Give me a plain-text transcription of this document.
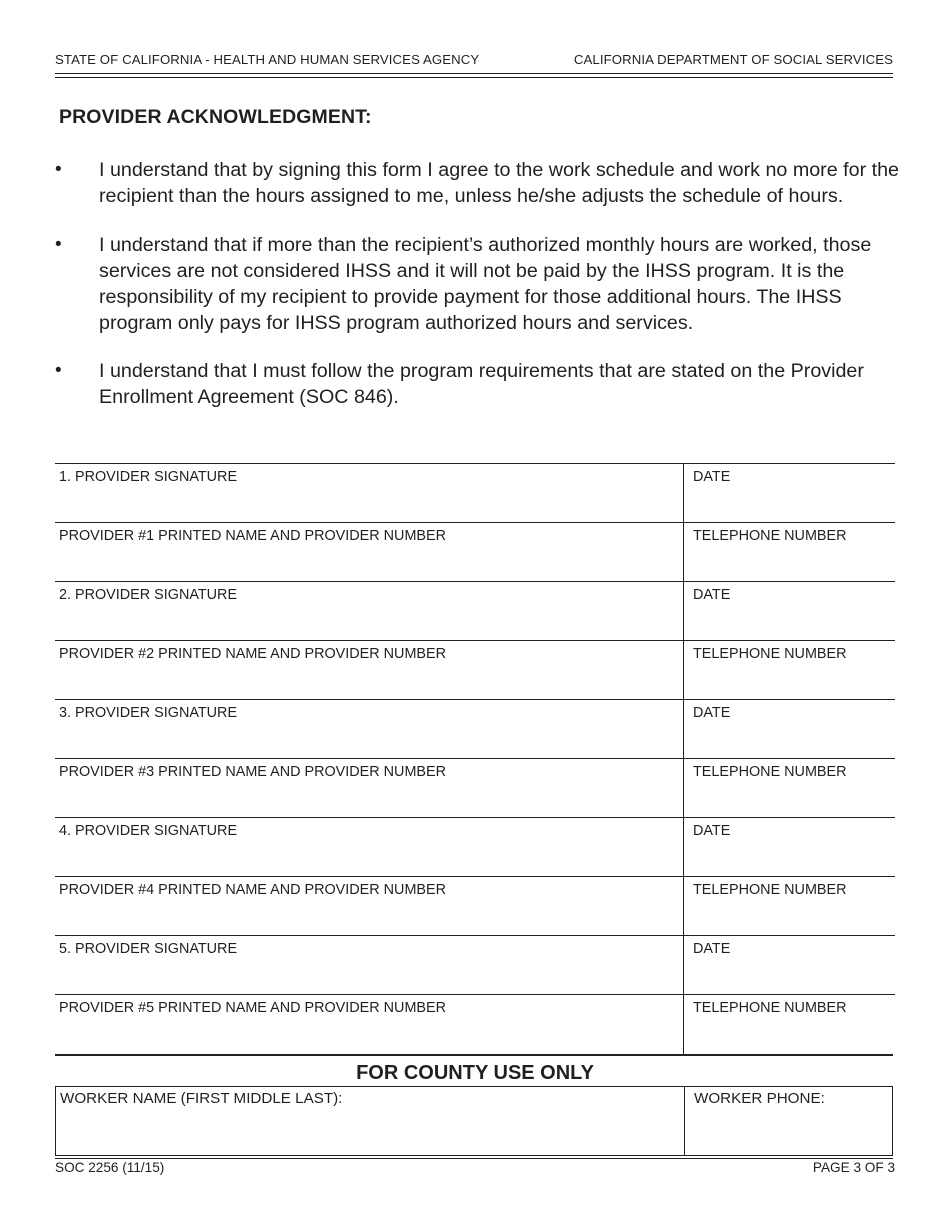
STATE OF CALIFORNIA - HEALTH AND HUMAN SERVICES AGENCY	CALIFORNIA DEPARTMENT OF SOCIAL SERVICES
PROVIDER ACKNOWLEDGMENT:
•	I understand that by signing this form I agree to the work schedule and work no more for the recipient than the hours assigned to me, unless he/she adjusts the schedule of hours.
•	I understand that if more than the recipient’s authorized monthly hours are worked, those services are not considered IHSS and it will not be paid by the IHSS program. It is the responsibility of my recipient to provide payment for those additional hours. The IHSS program only pays for IHSS program authorized hours and services.
•	I understand that I must follow the program requirements that are stated on the Provider Enrollment Agreement (SOC 846).
1. PROVIDER SIGNATURE	DATE
PROVIDER #1 PRINTED NAME AND PROVIDER NUMBER	TELEPHONE NUMBER
2. PROVIDER SIGNATURE	DATE
PROVIDER #2 PRINTED NAME AND PROVIDER NUMBER	TELEPHONE NUMBER
3. PROVIDER SIGNATURE	DATE
PROVIDER #3 PRINTED NAME AND PROVIDER NUMBER	TELEPHONE NUMBER
4. PROVIDER SIGNATURE	DATE
PROVIDER #4 PRINTED NAME AND PROVIDER NUMBER	TELEPHONE NUMBER
5. PROVIDER SIGNATURE	DATE
PROVIDER #5 PRINTED NAME AND PROVIDER NUMBER	TELEPHONE NUMBER
FOR COUNTY USE ONLY
WORKER NAME (FIRST MIDDLE LAST):	WORKER PHONE:
SOC 2256 (11/15)	PAGE 3 OF 3
